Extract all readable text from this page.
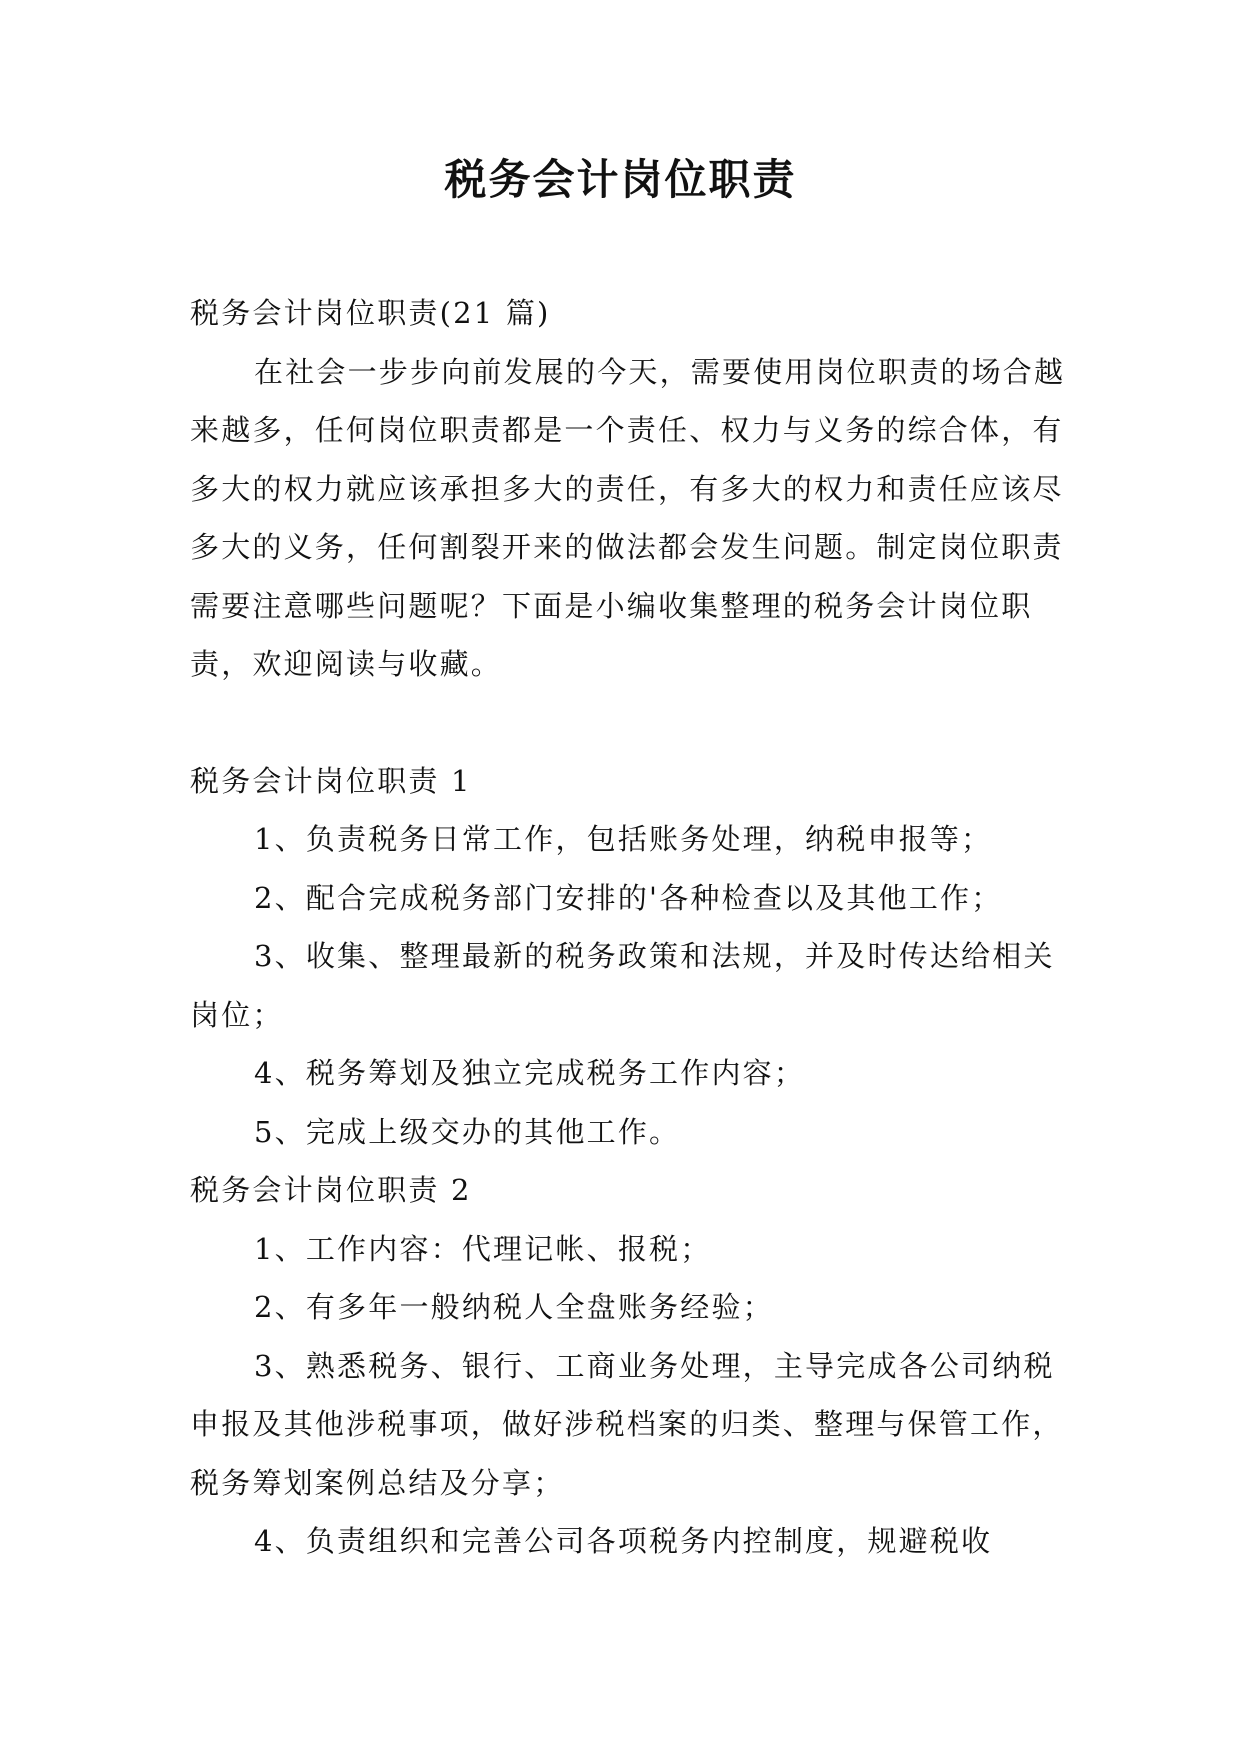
税务会计岗位职责

税务会计岗位职责(21 篇)

在社会一步步向前发展的今天，需要使用岗位职责的场合越来越多，任何岗位职责都是一个责任、权力与义务的综合体，有多大的权力就应该承担多大的责任，有多大的权力和责任应该尽多大的义务，任何割裂开来的做法都会发生问题。制定岗位职责需要注意哪些问题呢？下面是小编收集整理的税务会计岗位职责，欢迎阅读与收藏。

税务会计岗位职责 1

1、负责税务日常工作，包括账务处理，纳税申报等；

2、配合完成税务部门安排的'各种检查以及其他工作；

3、收集、整理最新的税务政策和法规，并及时传达给相关岗位；

4、税务筹划及独立完成税务工作内容；

5、完成上级交办的其他工作。

税务会计岗位职责 2

1、工作内容：代理记帐、报税；

2、有多年一般纳税人全盘账务经验；

3、熟悉税务、银行、工商业务处理，主导完成各公司纳税申报及其他涉税事项，做好涉税档案的归类、整理与保管工作，税务筹划案例总结及分享；

4、负责组织和完善公司各项税务内控制度，规避税收
